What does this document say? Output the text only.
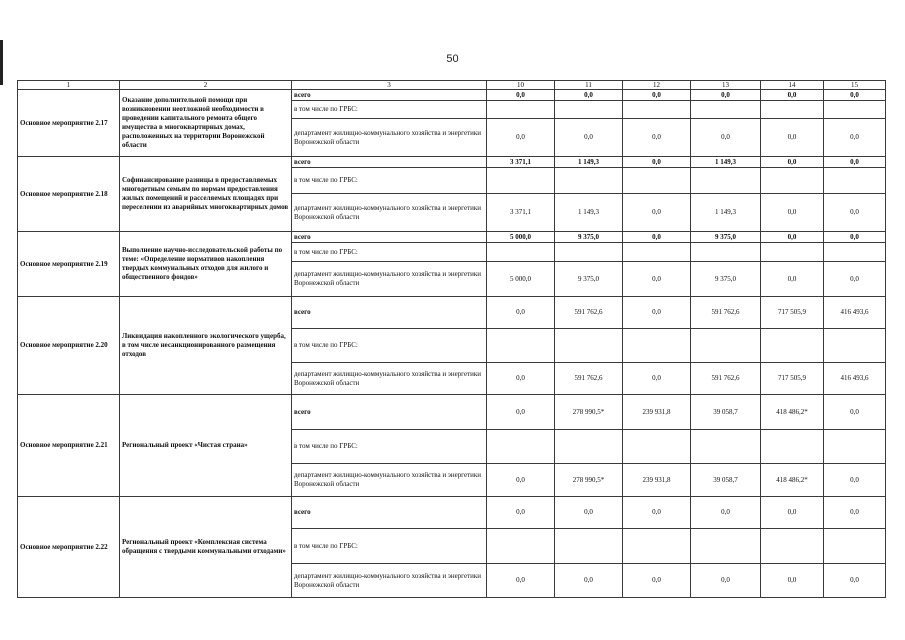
50
1	2	3	10	11	12	13	14	15
Основное мероприятие 2.17	Оказание дополнительной помощи при возникновении неотложной необходимости в проведении капитального ремонта общего имущества в многоквартирных домах, расположенных на территории Воронежской области	всего	0,0	0,0	0,0	0,0	0,0	0,0
		в том числе по ГРБС:						
		департамент жилищно-коммунального хозяйства и энергетики Воронежской области	0,0	0,0	0,0	0,0	0,0	0,0
Основное мероприятие 2.18	Софинансирование разницы в предоставляемых многодетным семьям по нормам предоставления жилых помещений и расселяемых площадях при переселении из аварийных многоквартирных домов	всего	3 371,1	1 149,3	0,0	1 149,3	0,0	0,0
		в том числе по ГРБС:						
		департамент жилищно-коммунального хозяйства и энергетики Воронежской области	3 371,1	1 149,3	0,0	1 149,3	0,0	0,0
Основное мероприятие 2.19	Выполнение научно-исследовательской работы по теме: «Определение нормативов накопления твердых коммунальных отходов для жилого и общественного фондов»	всего	5 000,0	9 375,0	0,0	9 375,0	0,0	0,0
		в том числе по ГРБС:						
		департамент жилищно-коммунального хозяйства и энергетики Воронежской области	5 000,0	9 375,0	0,0	9 375,0	0,0	0,0
Основное мероприятие 2.20	Ликвидация накопленного экологического ущерба, в том числе несанкционированного размещения отходов	всего	0,0	591 762,6	0,0	591 762,6	717 505,9	416 493,6
		в том числе по ГРБС:						
		департамент жилищно-коммунального хозяйства и энергетики Воронежской области	0,0	591 762,6	0,0	591 762,6	717 505,9	416 493,6
Основное мероприятие 2.21	Региональный проект «Чистая страна»	всего	0,0	278 990,5*	239 931,8	39 058,7	418 486,2*	0,0
		в том числе по ГРБС:						
		департамент жилищно-коммунального хозяйства и энергетики Воронежской области	0,0	278 990,5*	239 931,8	39 058,7	418 486,2*	0,0
Основное мероприятие 2.22	Региональный проект «Комплексная система обращения с твердыми коммунальными отходами»	всего	0,0	0,0	0,0	0,0	0,0	0,0
		в том числе по ГРБС:						
		департамент жилищно-коммунального хозяйства и энергетики Воронежской области	0,0	0,0	0,0	0,0	0,0	0,0
